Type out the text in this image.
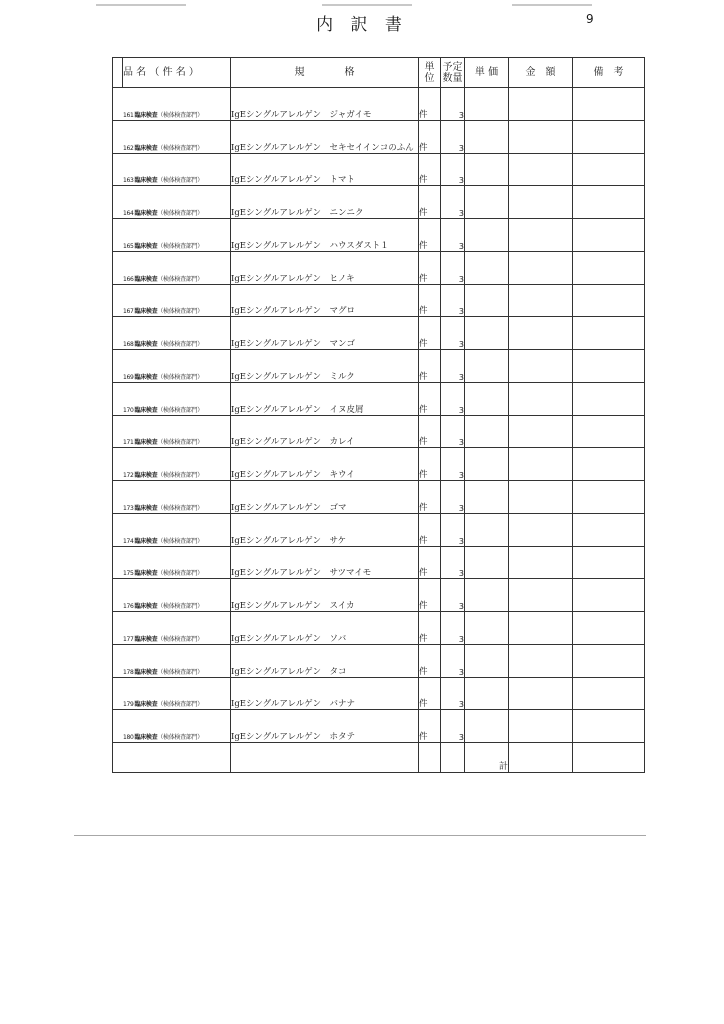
内 訳 書	9
	品 名 （ 件 名 ）	規　　　　格	単
位	予定
数量	単 価	金　額	備　考
	161臨床検査（検体検査部門）	IgEシングルアレルゲン　ジャガイモ	件	3			
	162臨床検査（検体検査部門）	IgEシングルアレルゲン　セキセイインコのふん	件	3			
	163臨床検査（検体検査部門）	IgEシングルアレルゲン　トマト	件	3			
	164臨床検査（検体検査部門）	IgEシングルアレルゲン　ニンニク	件	3			
	165臨床検査（検体検査部門）	IgEシングルアレルゲン　ハウスダスト１	件	3			
	166臨床検査（検体検査部門）	IgEシングルアレルゲン　ヒノキ	件	3			
	167臨床検査（検体検査部門）	IgEシングルアレルゲン　マグロ	件	3			
	168臨床検査（検体検査部門）	IgEシングルアレルゲン　マンゴ	件	3			
	169臨床検査（検体検査部門）	IgEシングルアレルゲン　ミルク	件	3			
	170臨床検査（検体検査部門）	IgEシングルアレルゲン　イヌ皮屑	件	3			
	171臨床検査（検体検査部門）	IgEシングルアレルゲン　カレイ	件	3			
	172臨床検査（検体検査部門）	IgEシングルアレルゲン　キウイ	件	3			
	173臨床検査（検体検査部門）	IgEシングルアレルゲン　ゴマ	件	3			
	174臨床検査（検体検査部門）	IgEシングルアレルゲン　サケ	件	3			
	175臨床検査（検体検査部門）	IgEシングルアレルゲン　サツマイモ	件	3			
	176臨床検査（検体検査部門）	IgEシングルアレルゲン　スイカ	件	3			
	177臨床検査（検体検査部門）	IgEシングルアレルゲン　ソバ	件	3			
	178臨床検査（検体検査部門）	IgEシングルアレルゲン　タコ	件	3			
	179臨床検査（検体検査部門）	IgEシングルアレルゲン　バナナ	件	3			
	180臨床検査（検体検査部門）	IgEシングルアレルゲン　ホタテ	件	3			
					計		
